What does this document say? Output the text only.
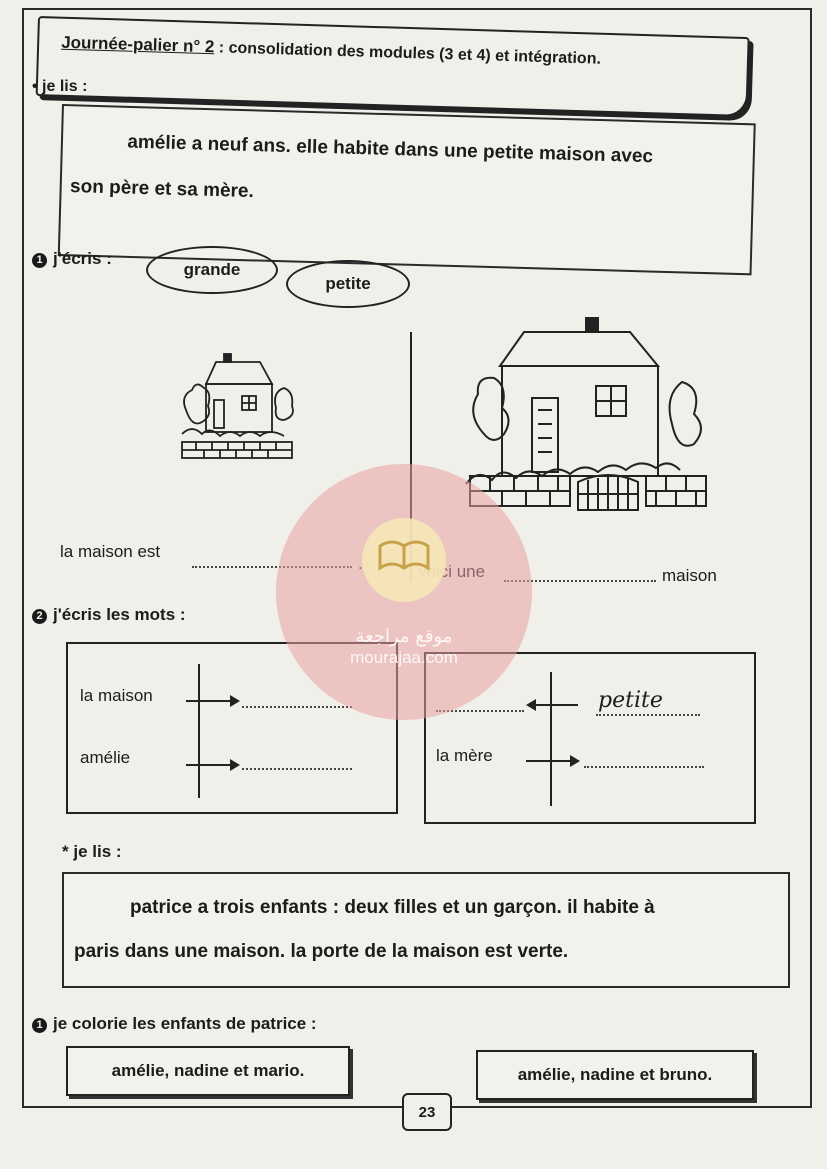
Journée-palier n° 2 : consolidation des modules (3 et 4) et intégration.
• je lis :
amélie a neuf ans. elle habite dans une petite maison avec
son père et sa mère.
1 j'écris :
grande
petite
la maison est
maison
2 j'écris les mots :
la maison
amélie
petite
la mère
* je lis :
patrice a trois enfants : deux filles et un garçon. il habite à
paris dans une maison. la porte de la maison est verte.
1 je colorie les enfants de patrice :
amélie, nadine et mario.	amélie, nadine et bruno.
23
موقع مراجعة
mourajaa.com
